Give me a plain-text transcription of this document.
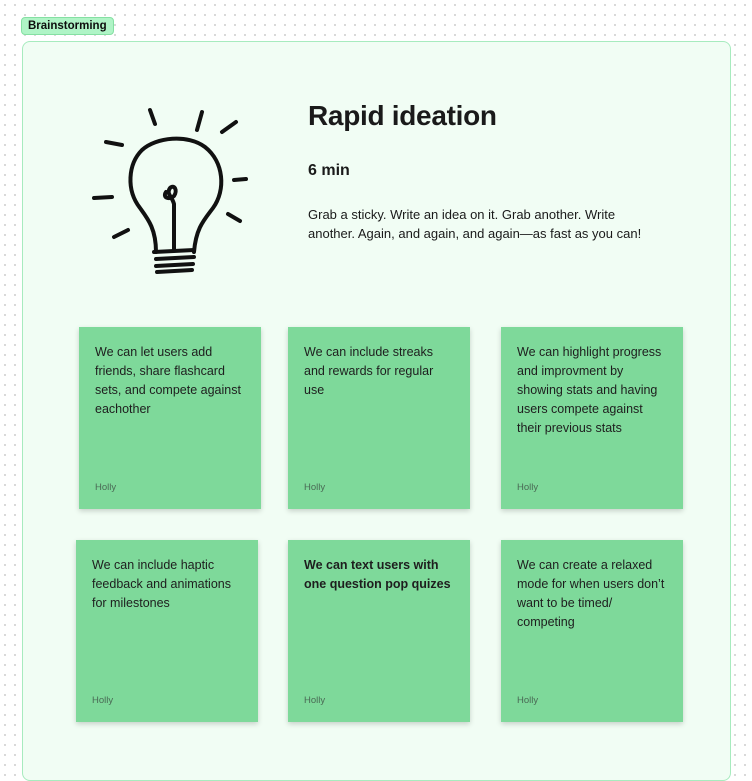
Brainstorming
Rapid ideation
6 min
Grab a sticky. Write an idea on it. Grab another. Write another. Again, and again, and again—as fast as you can!
We can let users add friends, share flashcard sets, and compete against eachother
Holly
We can include streaks and rewards for regular use
Holly
We can highlight progress and improvment by showing stats and having users compete against their previous stats
Holly
We can include haptic feedback and animations for milestones
Holly
We can text users with one question pop quizes
Holly
We can create a relaxed mode for when users don’t want to be timed/ competing
Holly
